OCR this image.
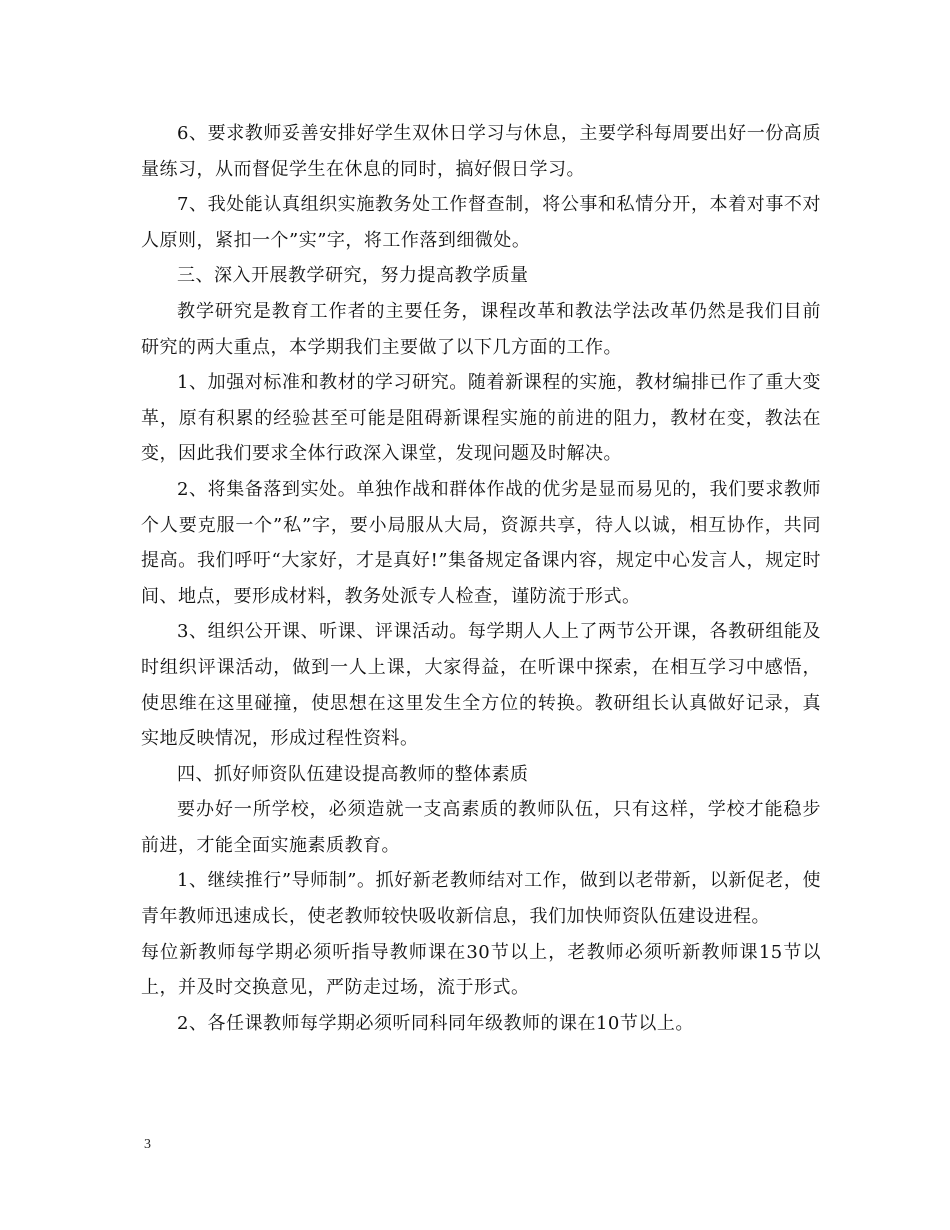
6、要求教师妥善安排好学生双休日学习与休息，主要学科每周要出好一份高质量练习，从而督促学生在休息的同时，搞好假日学习。

7、我处能认真组织实施教务处工作督查制，将公事和私情分开，本着对事不对人原则，紧扣一个”实”字，将工作落到细微处。

三、深入开展教学研究，努力提高教学质量

教学研究是教育工作者的主要任务，课程改革和教法学法改革仍然是我们目前研究的两大重点，本学期我们主要做了以下几方面的工作。

1、加强对标准和教材的学习研究。随着新课程的实施，教材编排已作了重大变革，原有积累的经验甚至可能是阻碍新课程实施的前进的阻力，教材在变，教法在变，因此我们要求全体行政深入课堂，发现问题及时解决。

2、将集备落到实处。单独作战和群体作战的优劣是显而易见的，我们要求教师个人要克服一个”私”字，要小局服从大局，资源共享，待人以诚，相互协作，共同提高。我们呼吁“大家好，才是真好!”集备规定备课内容，规定中心发言人，规定时间、地点，要形成材料，教务处派专人检查，谨防流于形式。

3、组织公开课、听课、评课活动。每学期人人上了两节公开课，各教研组能及时组织评课活动，做到一人上课，大家得益，在听课中探索，在相互学习中感悟，使思维在这里碰撞，使思想在这里发生全方位的转换。教研组长认真做好记录，真实地反映情况，形成过程性资料。

四、抓好师资队伍建设提高教师的整体素质

要办好一所学校，必须造就一支高素质的教师队伍，只有这样，学校才能稳步前进，才能全面实施素质教育。

1、继续推行”导师制”。抓好新老教师结对工作，做到以老带新，以新促老，使青年教师迅速成长，使老教师较快吸收新信息，我们加快师资队伍建设进程。

每位新教师每学期必须听指导教师课在30节以上，老教师必须听新教师课15节以上，并及时交换意见，严防走过场，流于形式。

2、各任课教师每学期必须听同科同年级教师的课在10节以上。

3
